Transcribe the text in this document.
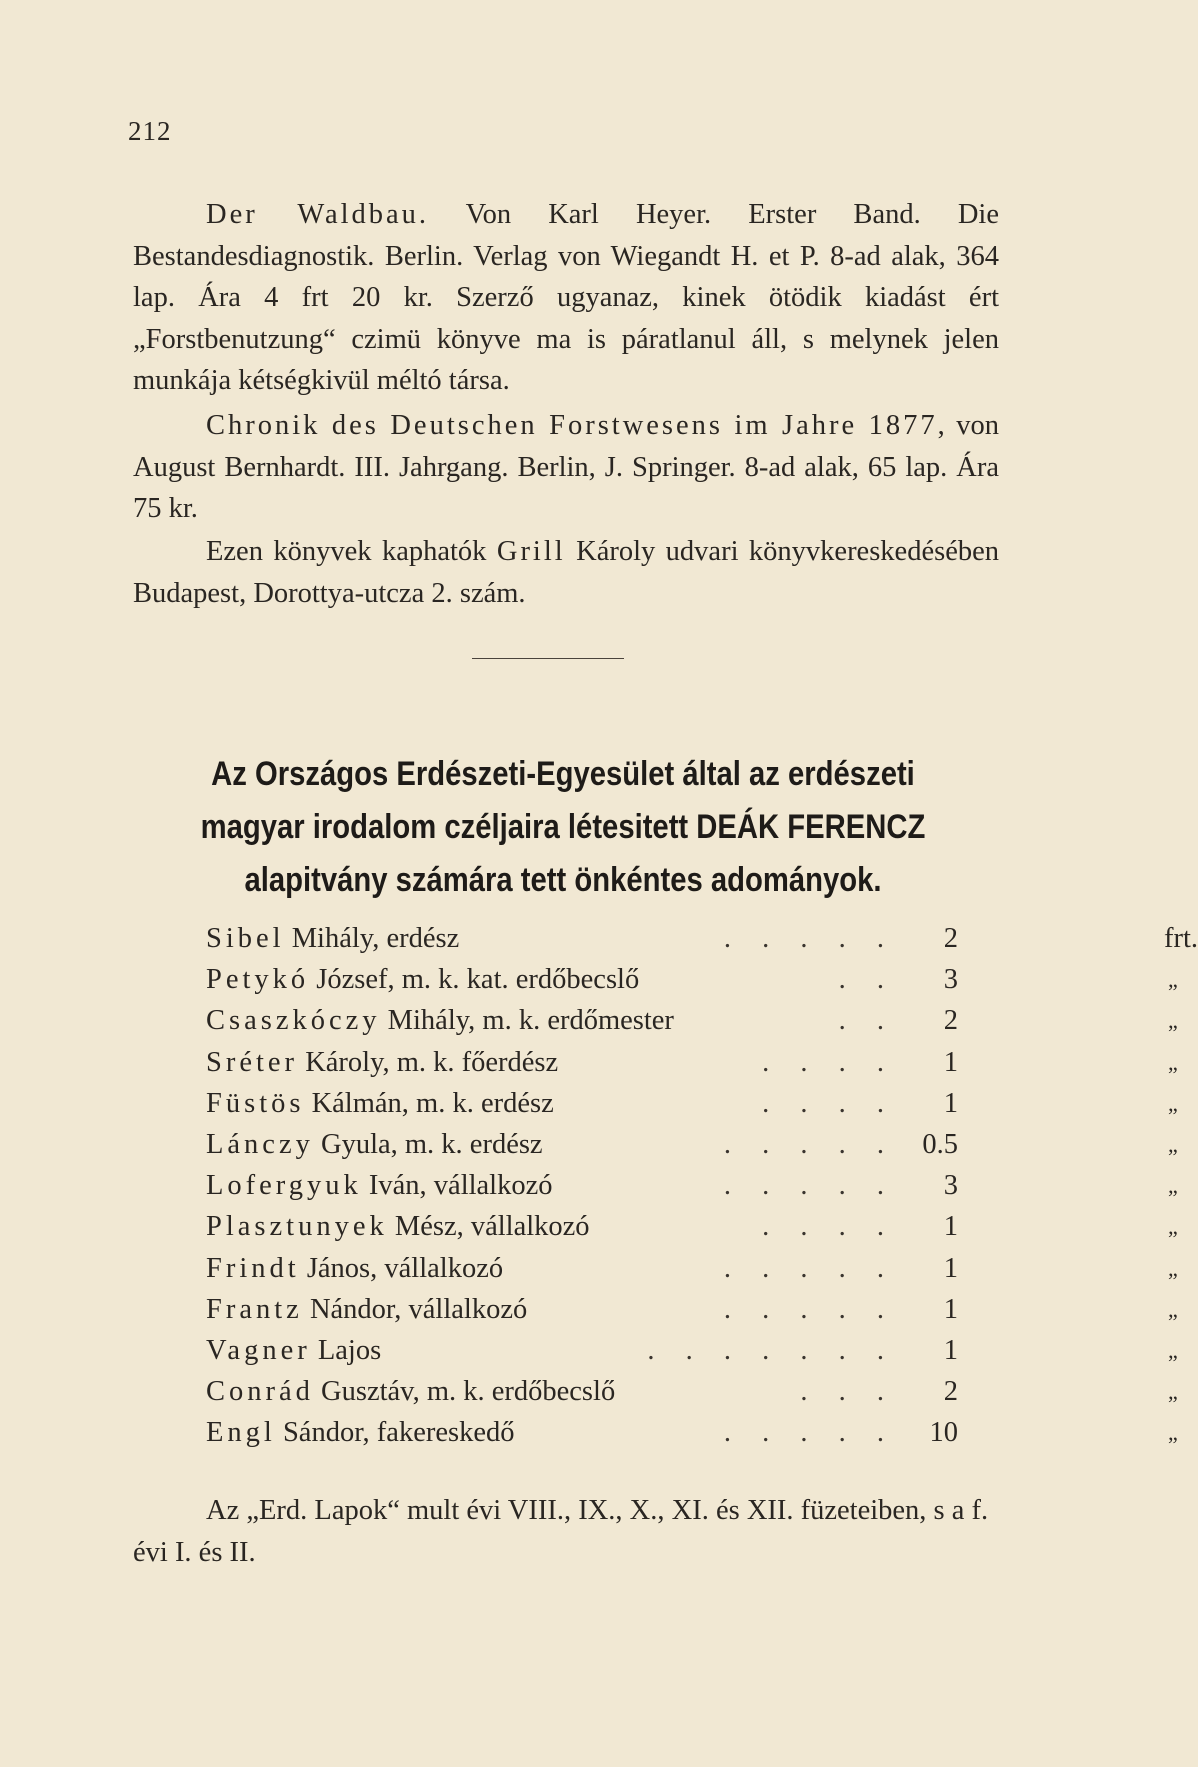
212

Der Waldbau. Von Karl Heyer. Erster Band. Die Bestandesdiagnostik. Berlin. Verlag von Wiegandt H. et P. 8-ad alak, 364 lap. Ára 4 frt 20 kr. Szerző ugyanaz, kinek ötödik kiadást ért „Forstbenutzung“ czimü könyve ma is páratlanul áll, s melynek jelen munkája kétségkivül méltó társa.

Chronik des Deutschen Forstwesens im Jahre 1877, von August Bernhardt. III. Jahrgang. Berlin, J. Springer. 8-ad alak, 65 lap. Ára 75 kr.

Ezen könyvek kaphatók Grill Károly udvari könyvkereskedésében Budapest, Dorottya-utcza 2. szám.

Az Országos Erdészeti-Egyesület által az erdészeti
magyar irodalom czéljaira létesitett DEÁK FERENCZ
alapitvány számára tett önkéntes adományok.
Sibel Mihály, erdész	. . . . .	2	frt.
Petykó József, m. k. kat. erdőbecslő	. .	3	„
Csaszkóczy Mihály, m. k. erdőmester	. .	2	„
Sréter Károly, m. k. főerdész	. . . .	1	„
Füstös Kálmán, m. k. erdész	. . . .	1	„
Lánczy Gyula, m. k. erdész	. . . . . 0.5	„
Lofergyuk Iván, vállalkozó	. . . . .	3	„
Plasztunyek Mész, vállalkozó	. . . .	1	„
Frindt János, vállalkozó	. . . . .	1	„
Frantz Nándor, vállalkozó	. . . . .	1	„
Vagner Lajos	. . . . . . .	1	„
Conrád Gusztáv, m. k. erdőbecslő	. . .	2	„
Engl Sándor, fakereskedő	. . . . .	10	„

Az „Erd. Lapok“ mult évi VIII., IX., X., XI. és XII. füzeteiben, s a f. évi I. és II.
